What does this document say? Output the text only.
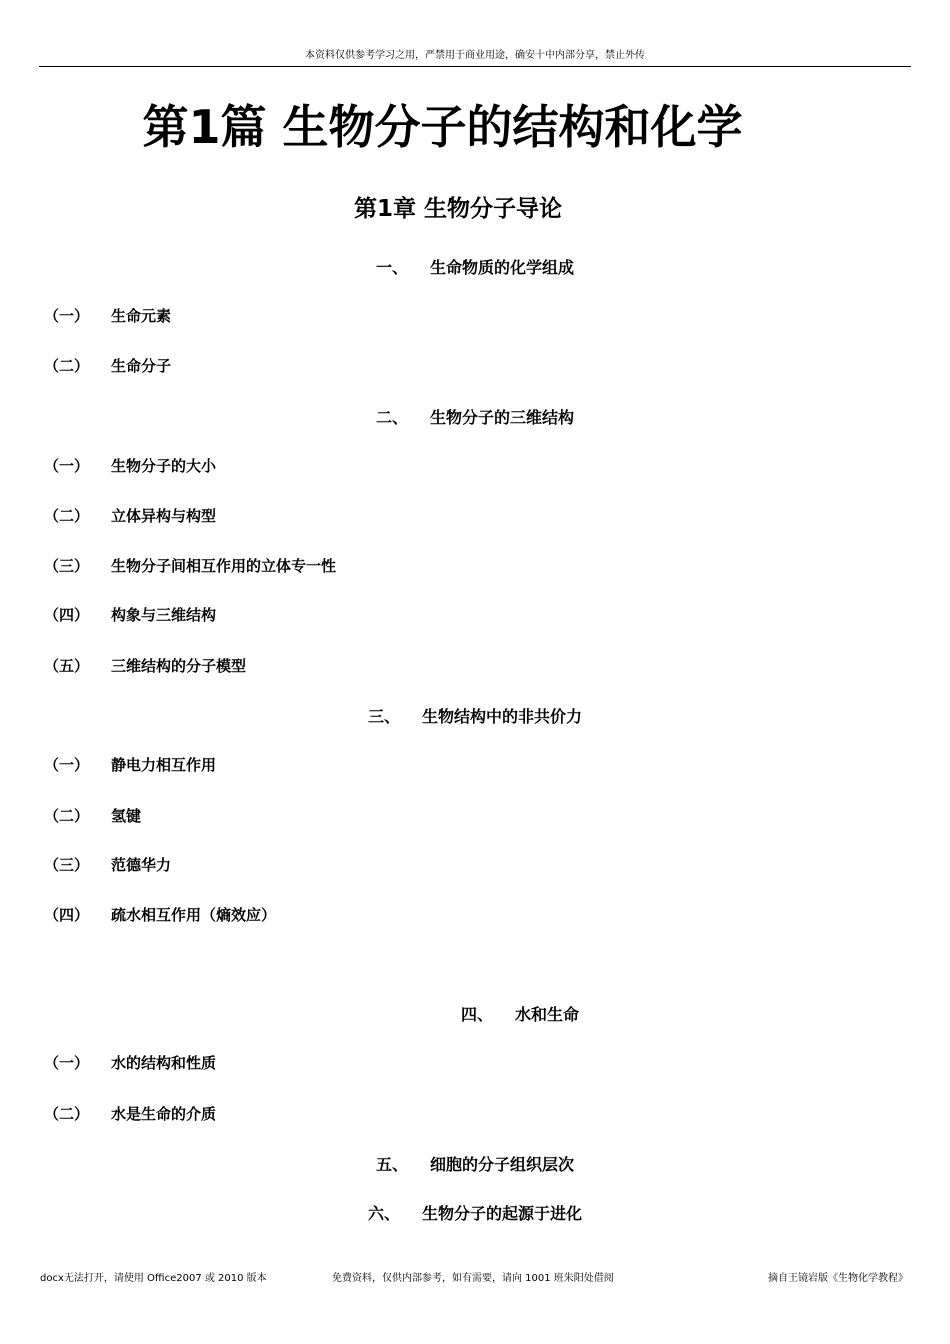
本资料仅供参考学习之用，严禁用于商业用途，确安十中内部分享，禁止外传
第1篇 生物分子的结构和化学
第1章 生物分子导论
一、 生命物质的化学组成
（一） 生命元素
（二） 生命分子
二、 生物分子的三维结构
（一） 生物分子的大小
（二） 立体异构与构型
（三） 生物分子间相互作用的立体专一性
（四） 构象与三维结构
（五） 三维结构的分子模型
三、 生物结构中的非共价力
（一） 静电力相互作用
（二） 氢键
（三） 范德华力
（四） 疏水相互作用（熵效应）
四、 水和生命
（一） 水的结构和性质
（二） 水是生命的介质
五、 细胞的分子组织层次
六、 生物分子的起源于进化
docx无法打开，请使用 Office2007 或 2010 版本	免费资料，仅供内部参考，如有需要，请向 1001 班朱阳处借阅	摘自王镜岩版《生物化学教程》
